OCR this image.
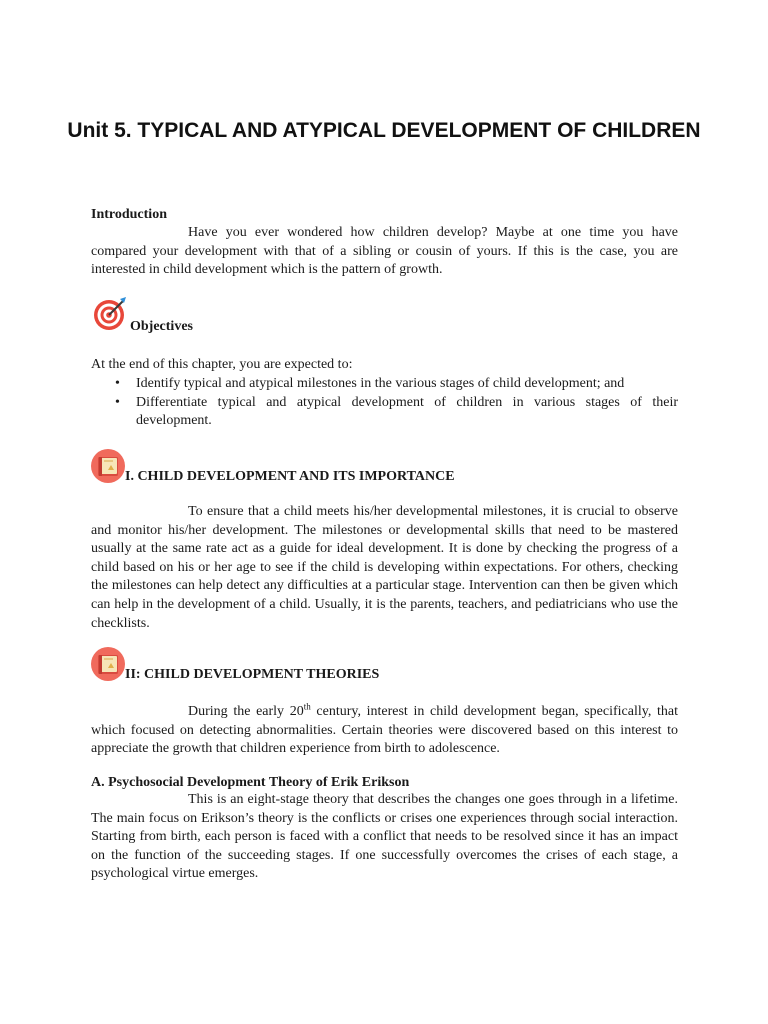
Unit 5. TYPICAL AND ATYPICAL DEVELOPMENT OF CHILDREN
Introduction

Have you ever wondered how children develop? Maybe at one time you have compared your development with that of a sibling or cousin of yours. If this is the case, you are interested in child development which is the pattern of growth.

Objectives

At the end of this chapter, you are expected to:

• Identify typical and atypical milestones in the various stages of child development; and
• Differentiate typical and atypical development of children in various stages of their development.
I. CHILD DEVELOPMENT AND ITS IMPORTANCE

To ensure that a child meets his/her developmental milestones, it is crucial to observe and monitor his/her development. The milestones or developmental skills that need to be mastered usually at the same rate act as a guide for ideal development. It is done by checking the progress of a child based on his or her age to see if the child is developing within expectations. For others, checking the milestones can help detect any difficulties at a particular stage. Intervention can then be given which can help in the development of a child. Usually, it is the parents, teachers, and pediatricians who use the checklists.

II: CHILD DEVELOPMENT THEORIES

During the early 20th century, interest in child development began, specifically, that which focused on detecting abnormalities. Certain theories were discovered based on this interest to appreciate the growth that children experience from birth to adolescence.

A. Psychosocial Development Theory of Erik Erikson

This is an eight-stage theory that describes the changes one goes through in a lifetime. The main focus on Erikson’s theory is the conflicts or crises one experiences through social interaction. Starting from birth, each person is faced with a conflict that needs to be resolved since it has an impact on the function of the succeeding stages. If one successfully overcomes the crises of each stage, a psychological virtue emerges.
